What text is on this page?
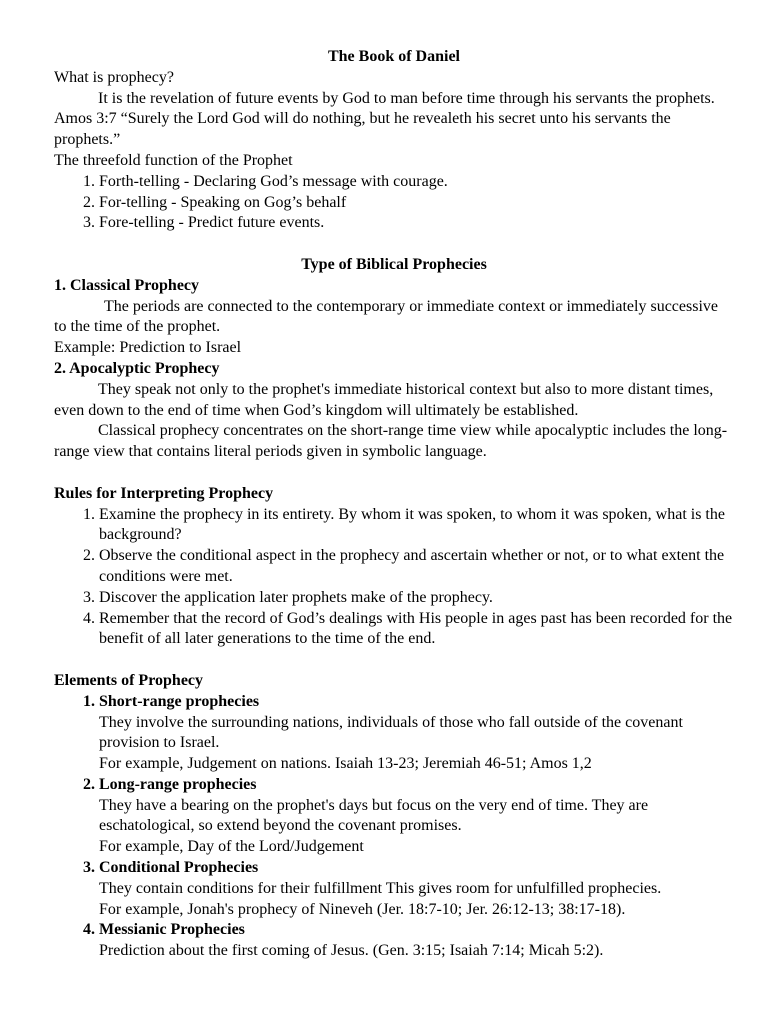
The Book of Daniel

What is prophecy?

It is the revelation of future events by God to man before time through his servants the prophets.

Amos 3:7 “Surely the Lord God will do nothing, but he revealeth his secret unto his servants the prophets.”

The threefold function of the Prophet

1. Forth-telling - Declaring God’s message with courage.
2. For-telling - Speaking on Gog’s behalf
3. Fore-telling - Predict future events.

Type of Biblical Prophecies

1. Classical Prophecy

The periods are connected to the contemporary or immediate context or immediately successive to the time of the prophet.

Example: Prediction to Israel

2. Apocalyptic Prophecy

They speak not only to the prophet's immediate historical context but also to more distant times, even down to the end of time when God’s kingdom will ultimately be established.

Classical prophecy concentrates on the short-range time view while apocalyptic includes the long-range view that contains literal periods given in symbolic language.

Rules for Interpreting Prophecy

1. Examine the prophecy in its entirety. By whom it was spoken, to whom it was spoken, what is the background?
2. Observe the conditional aspect in the prophecy and ascertain whether or not, or to what extent the conditions were met.
3. Discover the application later prophets make of the prophecy.
4. Remember that the record of God’s dealings with His people in ages past has been recorded for the benefit of all later generations to the time of the end.

Elements of Prophecy

1. Short-range prophecies
They involve the surrounding nations, individuals of those who fall outside of the covenant provision to Israel.
For example, Judgement on nations. Isaiah 13-23; Jeremiah 46-51; Amos 1,2
2. Long-range prophecies
They have a bearing on the prophet's days but focus on the very end of time. They are eschatological, so extend beyond the covenant promises.
For example, Day of the Lord/Judgement
3. Conditional Prophecies
They contain conditions for their fulfillment This gives room for unfulfilled prophecies.
For example, Jonah's prophecy of Nineveh (Jer. 18:7-10; Jer. 26:12-13; 38:17-18).
4. Messianic Prophecies
Prediction about the first coming of Jesus. (Gen. 3:15; Isaiah 7:14; Micah 5:2).
